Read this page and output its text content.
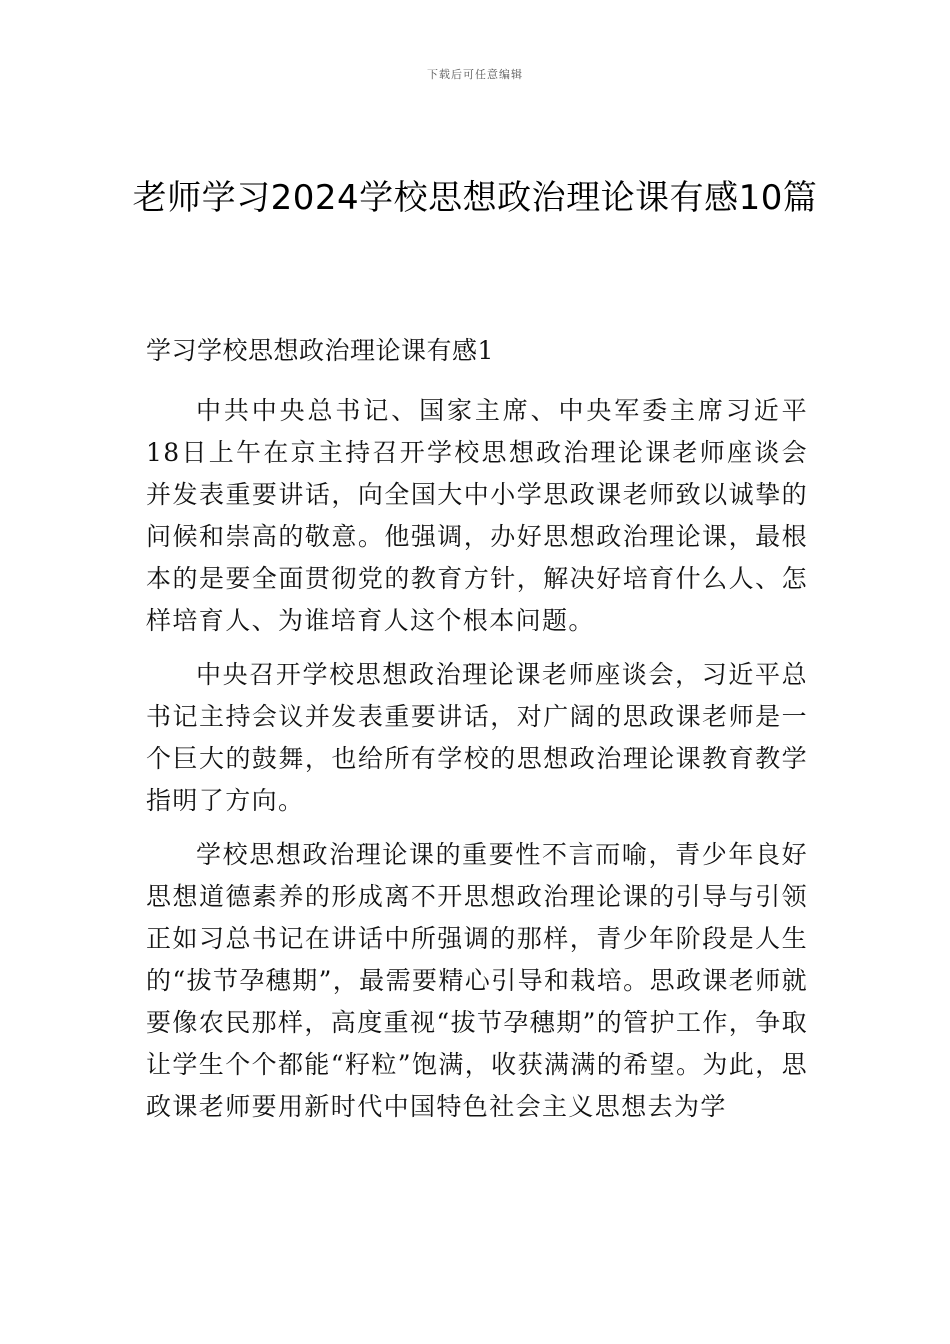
下载后可任意编辑
老师学习2024学校思想政治理论课有感10篇

学习学校思想政治理论课有感1

中共中央总书记、国家主席、中央军委主席习近平18日上午在京主持召开学校思想政治理论课老师座谈会并发表重要讲话，向全国大中小学思政课老师致以诚挚的问候和崇高的敬意。他强调，办好思想政治理论课，最根本的是要全面贯彻党的教育方针，解决好培育什么人、怎样培育人、为谁培育人这个根本问题。

中央召开学校思想政治理论课老师座谈会，习近平总书记主持会议并发表重要讲话，对广阔的思政课老师是一个巨大的鼓舞，也给所有学校的思想政治理论课教育教学指明了方向。

学校思想政治理论课的重要性不言而喻，青少年良好思想道德素养的形成离不开思想政治理论课的引导与引领正如习总书记在讲话中所强调的那样，青少年阶段是人生的“拔节孕穗期”，最需要精心引导和栽培。思政课老师就要像农民那样，高度重视“拔节孕穗期”的管护工作，争取让学生个个都能“籽粒”饱满，收获满满的希望。为此，思政课老师要用新时代中国特色社会主义思想去为学
